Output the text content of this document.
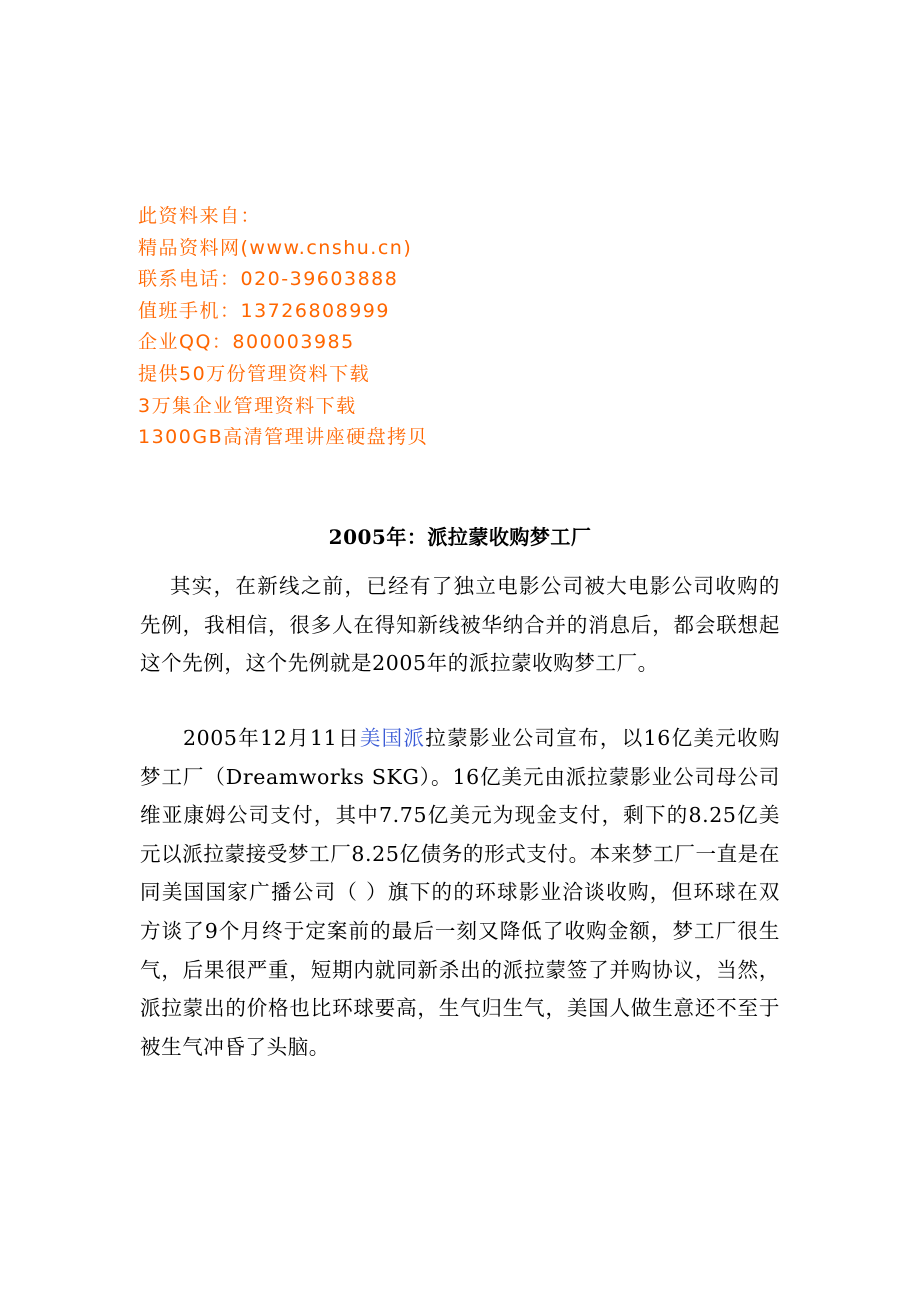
此资料来自：
精品资料网(www.cnshu.cn)
联系电话：020-39603888
值班手机：13726808999
企业QQ：800003985
提供50万份管理资料下载
3万集企业管理资料下载
1300GB高清管理讲座硬盘拷贝
2005年：派拉蒙收购梦工厂

其实，在新线之前，已经有了独立电影公司被大电影公司收购的先例，我相信，很多人在得知新线被华纳合并的消息后，都会联想起这个先例，这个先例就是2005年的派拉蒙收购梦工厂。

2005年12月11日美国派拉蒙影业公司宣布，以16亿美元收购梦工厂（Dreamworks SKG）。16亿美元由派拉蒙影业公司母公司维亚康姆公司支付，其中7.75亿美元为现金支付，剩下的8.25亿美元以派拉蒙接受梦工厂8.25亿债务的形式支付。本来梦工厂一直是在同美国国家广播公司（ ）旗下的的环球影业洽谈收购，但环球在双方谈了9个月终于定案前的最后一刻又降低了收购金额，梦工厂很生气，后果很严重，短期内就同新杀出的派拉蒙签了并购协议，当然，派拉蒙出的价格也比环球要高，生气归生气，美国人做生意还不至于被生气冲昏了头脑。
